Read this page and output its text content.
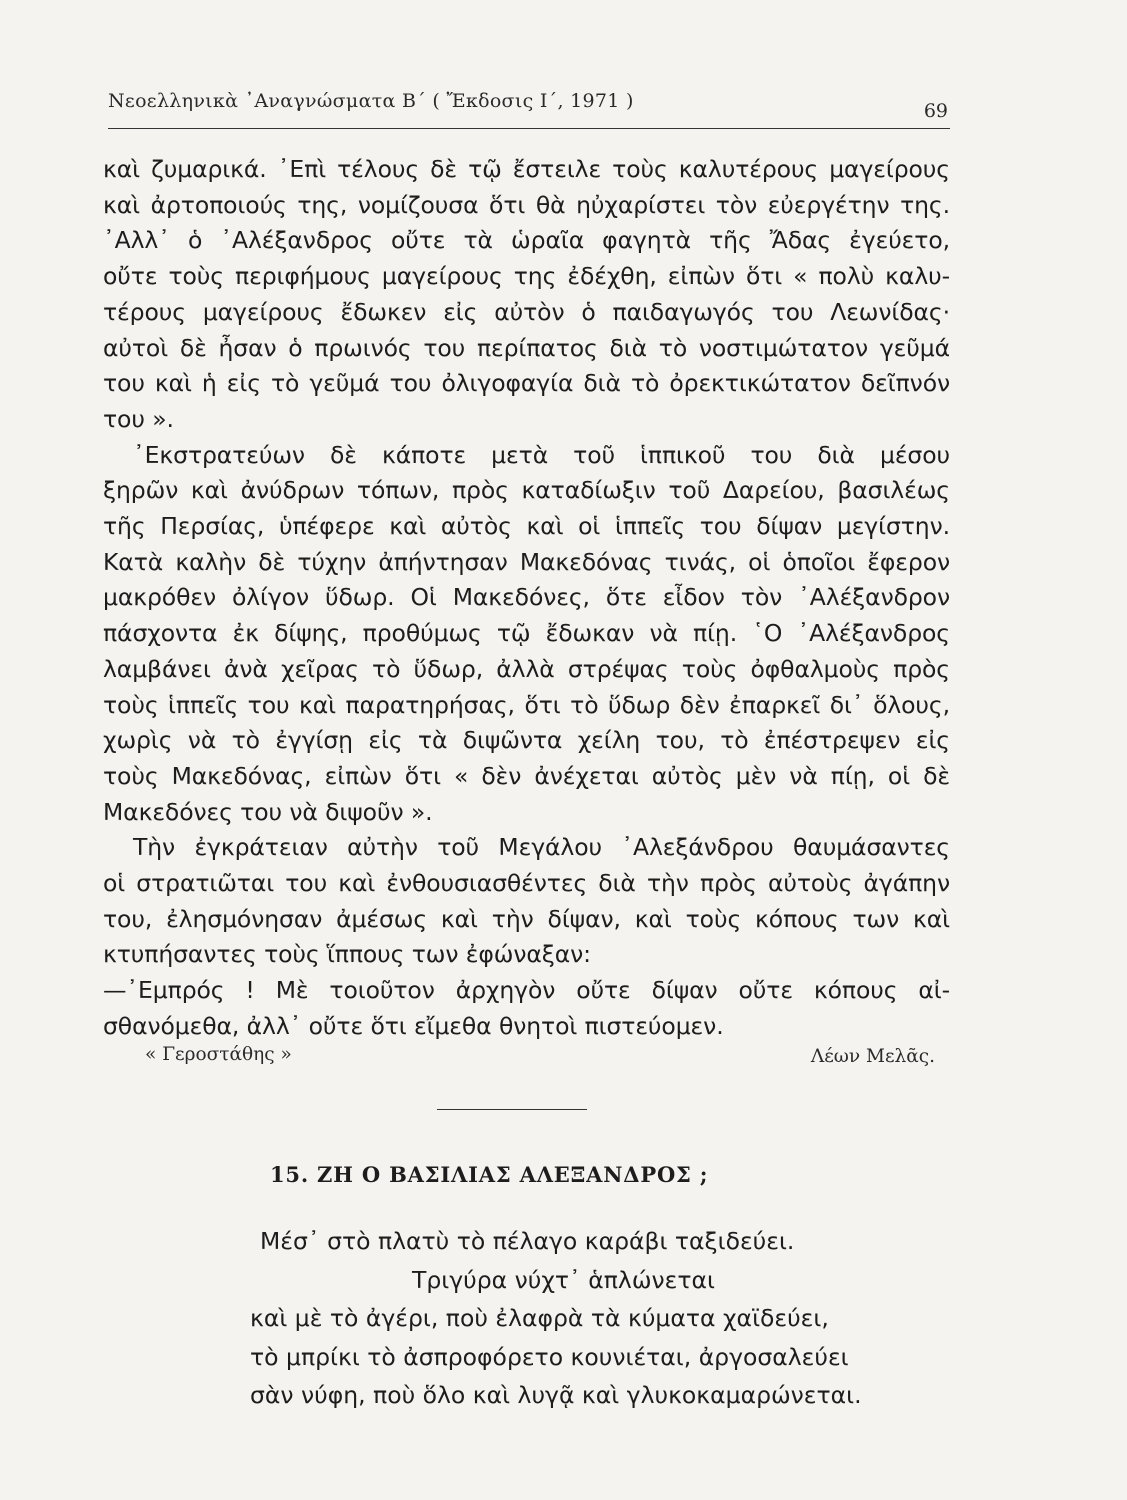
Νεοελληνικὰ ᾿Αναγνώσματα Β΄ ( Ἔκδοσις Ι΄, 1971 )	69
καὶ ζυμαρικά. ᾿Επὶ τέλους δὲ τῷ ἔστειλε τοὺς καλυτέρους μαγείρους
καὶ ἀρτοποιούς της, νομίζουσα ὅτι θὰ ηὐχαρίστει τὸν εὐεργέτην της.
᾿Αλλ᾿ ὁ ᾿Αλέξανδρος οὔτε τὰ ὡραῖα φαγητὰ τῆς Ἄδας ἐγεύετο,
οὔτε τοὺς περιφήμους μαγείρους της ἐδέχθη, εἰπὼν ὅτι « πολὺ καλυ-
τέρους μαγείρους ἔδωκεν εἰς αὐτὸν ὁ παιδαγωγός του Λεωνίδας·
αὐτοὶ δὲ ἦσαν ὁ πρωινός του περίπατος διὰ τὸ νοστιμώτατον γεῦμά
του καὶ ἡ εἰς τὸ γεῦμά του ὀλιγοφαγία διὰ τὸ ὀρεκτικώτατον δεῖπνόν
του ».
᾿Εκστρατεύων δὲ κάποτε μετὰ τοῦ ἱππικοῦ του διὰ μέσου
ξηρῶν καὶ ἀνύδρων τόπων, πρὸς καταδίωξιν τοῦ Δαρείου, βασιλέως
τῆς Περσίας, ὑπέφερε καὶ αὐτὸς καὶ οἱ ἱππεῖς του δίψαν μεγίστην.
Κατὰ καλὴν δὲ τύχην ἀπήντησαν Μακεδόνας τινάς, οἱ ὁποῖοι ἔφερον
μακρόθεν ὀλίγον ὕδωρ. Οἱ Μακεδόνες, ὅτε εἶδον τὸν ᾿Αλέξανδρον
πάσχοντα ἐκ δίψης, προθύμως τῷ ἔδωκαν νὰ πίῃ. ῾Ο ᾿Αλέξανδρος
λαμβάνει ἀνὰ χεῖρας τὸ ὕδωρ, ἀλλὰ στρέψας τοὺς ὀφθαλμοὺς πρὸς
τοὺς ἱππεῖς του καὶ παρατηρήσας, ὅτι τὸ ὕδωρ δὲν ἐπαρκεῖ δι᾿ ὅλους,
χωρὶς νὰ τὸ ἐγγίσῃ εἰς τὰ διψῶντα χείλη του, τὸ ἐπέστρεψεν εἰς
τοὺς Μακεδόνας, εἰπὼν ὅτι « δὲν ἀνέχεται αὐτὸς μὲν νὰ πίῃ, οἱ δὲ
Μακεδόνες του νὰ διψοῦν ».
Τὴν ἐγκράτειαν αὐτὴν τοῦ Μεγάλου ᾿Αλεξάνδρου θαυμάσαντες
οἱ στρατιῶται του καὶ ἐνθουσιασθέντες διὰ τὴν πρὸς αὐτοὺς ἀγάπην
του, ἐλησμόνησαν ἀμέσως καὶ τὴν δίψαν, καὶ τοὺς κόπους των καὶ
κτυπήσαντες τοὺς ἵππους των ἐφώναξαν:
—᾿Εμπρός ! Μὲ τοιοῦτον ἀρχηγὸν οὔτε δίψαν οὔτε κόπους αἰ-
σθανόμεθα, ἀλλ᾿ οὔτε ὅτι εἴμεθα θνητοὶ πιστεύομεν.
« Γεροστάθης »	Λέων Μελᾶς.
15. ΖΗ Ο ΒΑΣΙΛΙΑΣ ΑΛΕΞΑΝΔΡΟΣ ;
Μέσ᾿ στὸ πλατὺ τὸ πέλαγο καράβι ταξιδεύει.
Τριγύρα νύχτ᾿ ἁπλώνεται
καὶ μὲ τὸ ἀγέρι, ποὺ ἐλαφρὰ τὰ κύματα χαϊδεύει,
τὸ μπρίκι τὸ ἀσπροφόρετο κουνιέται, ἀργοσαλεύει
σὰν νύφη, ποὺ ὅλο καὶ λυγᾷ καὶ γλυκοκαμαρώνεται.
